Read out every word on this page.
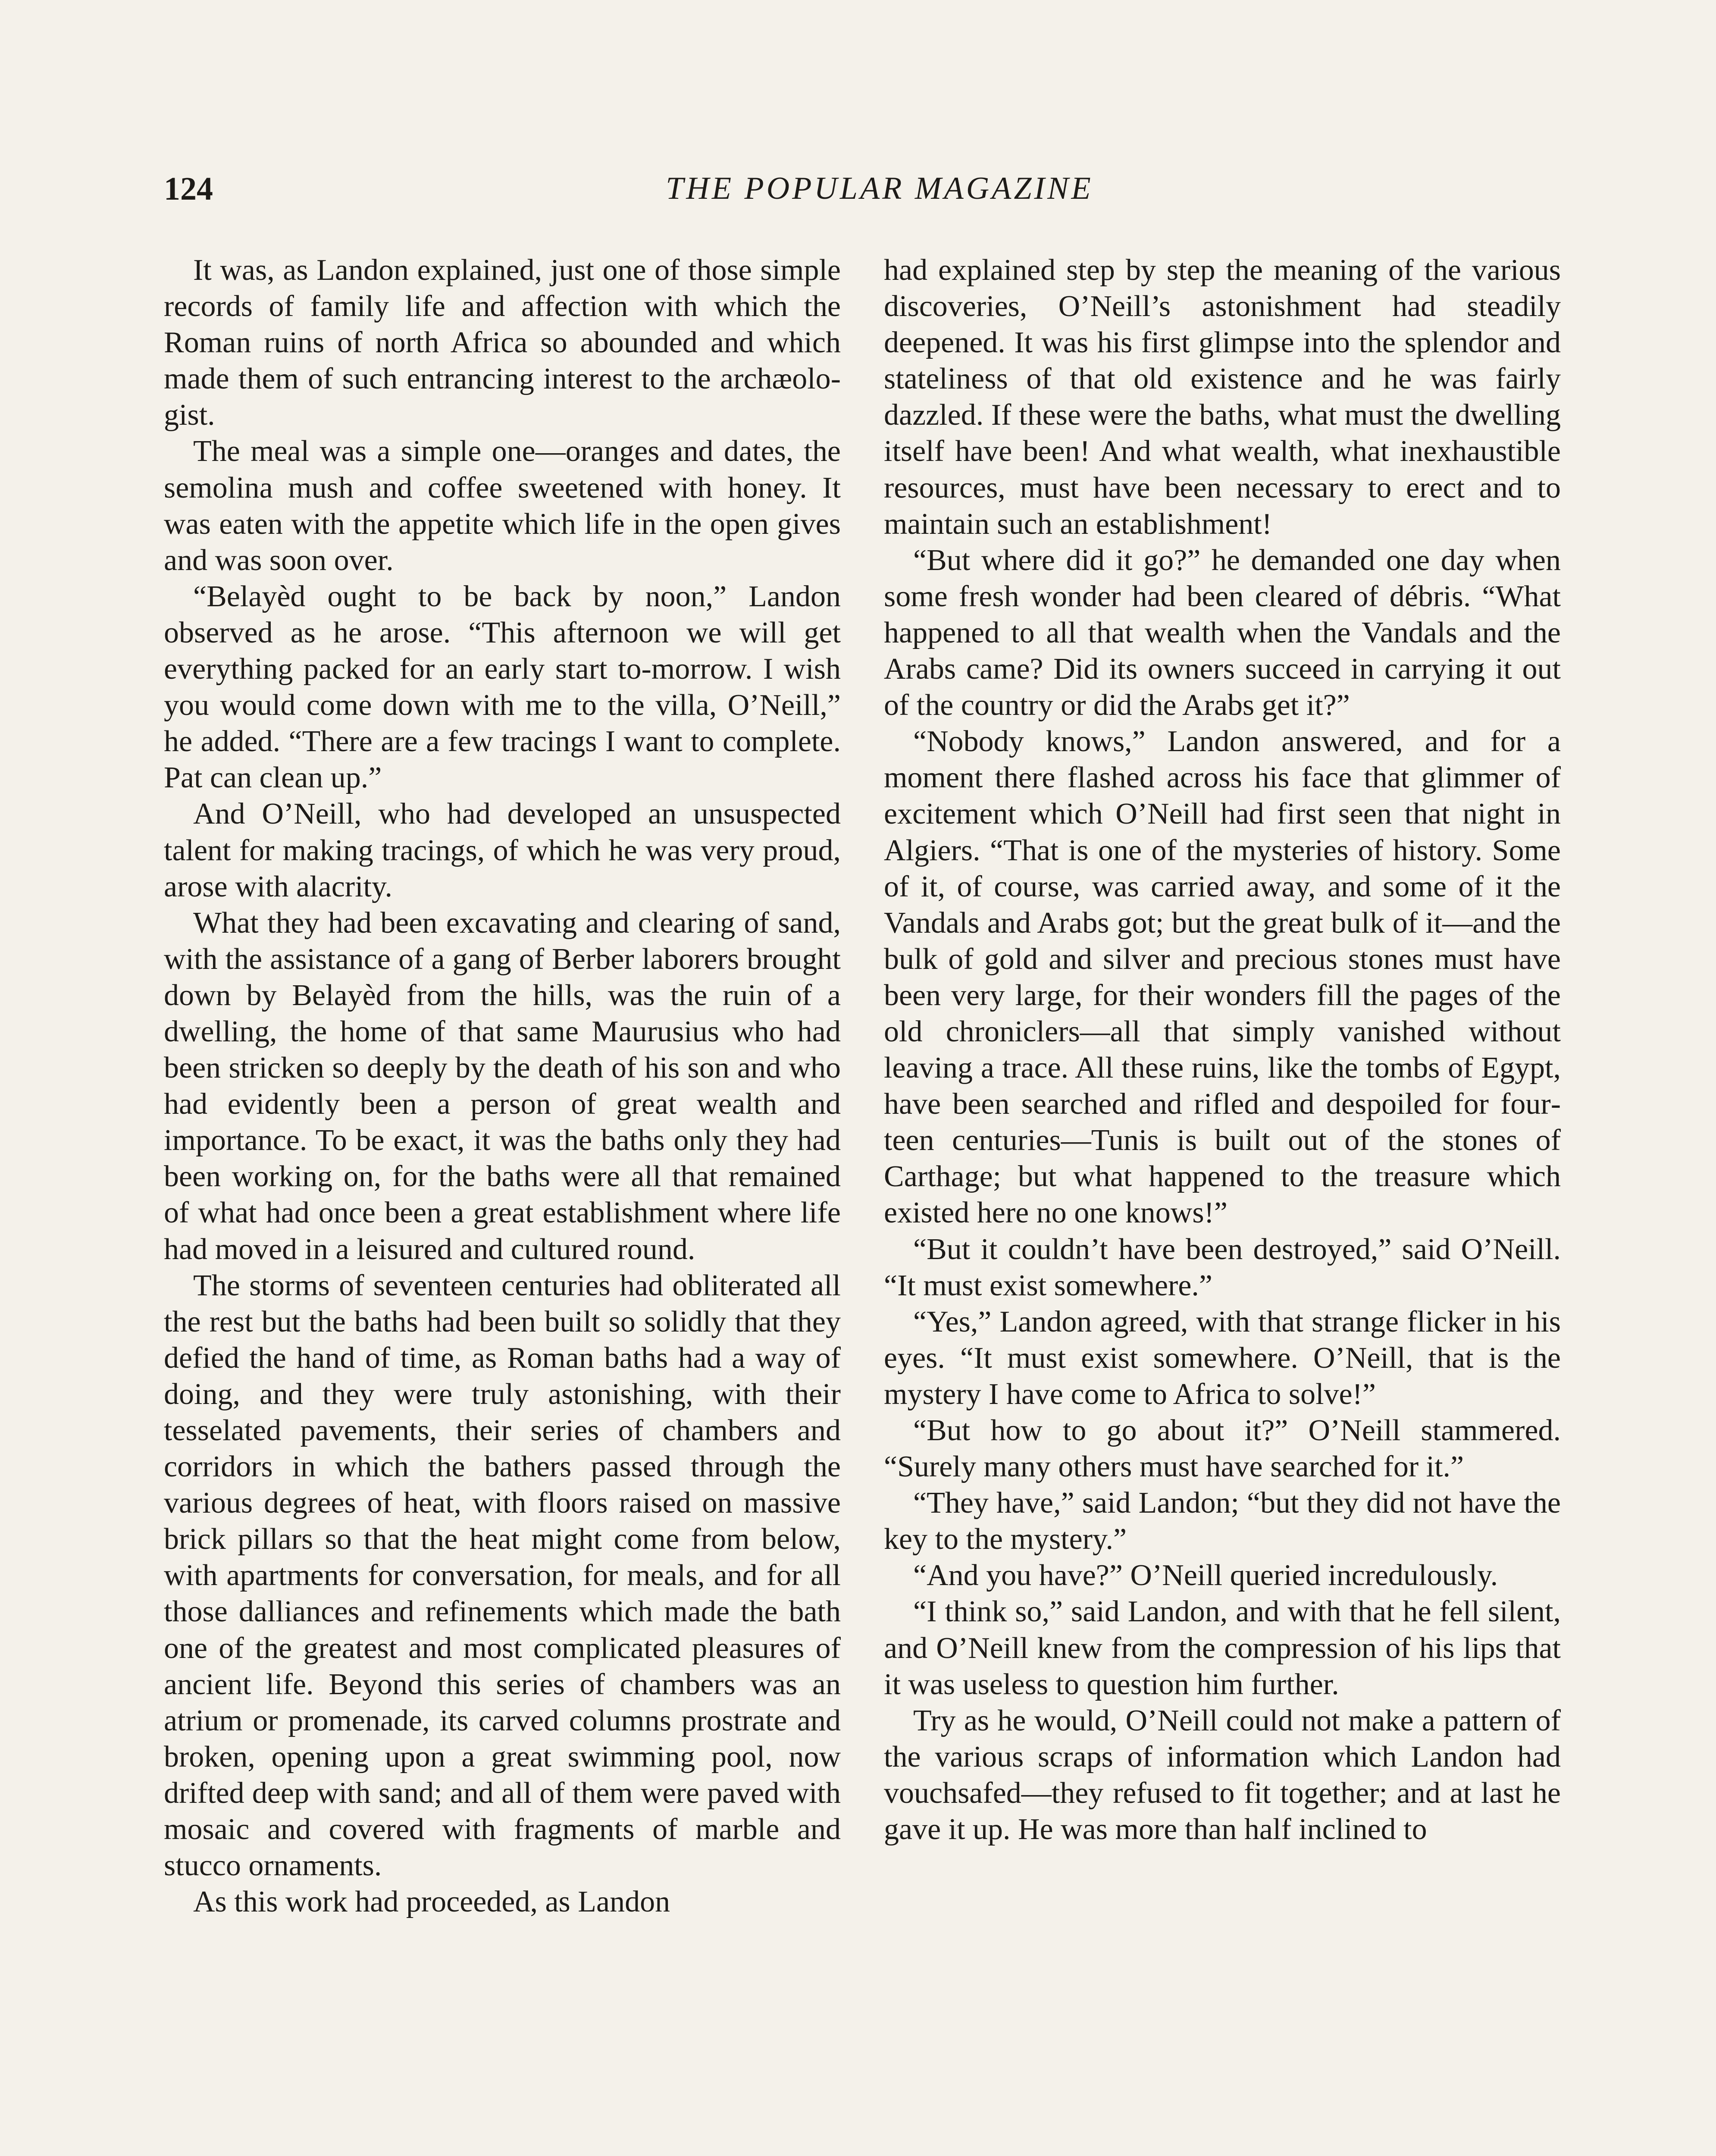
124	THE POPULAR MAGAZINE

It was, as Landon explained, just one of those simple records of family life and affection with which the Roman ruins of north Africa so abounded and which made them of such entrancing interest to the archæologist.

The meal was a simple one—oranges and dates, the semolina mush and coffee sweetened with honey. It was eaten with the appetite which life in the open gives and was soon over.

“Belayèd ought to be back by noon,” Landon observed as he arose. “This afternoon we will get everything packed for an early start to-morrow. I wish you would come down with me to the villa, O’Neill,” he added. “There are a few tracings I want to complete. Pat can clean up.”

And O’Neill, who had developed an unsuspected talent for making tracings, of which he was very proud, arose with alacrity.

What they had been excavating and clearing of sand, with the assistance of a gang of Berber laborers brought down by Belayèd from the hills, was the ruin of a dwelling, the home of that same Maurusius who had been stricken so deeply by the death of his son and who had evidently been a person of great wealth and importance. To be exact, it was the baths only they had been working on, for the baths were all that remained of what had once been a great establishment where life had moved in a leisured and cultured round.

The storms of seventeen centuries had obliterated all the rest but the baths had been built so solidly that they defied the hand of time, as Roman baths had a way of doing, and they were truly astonishing, with their tesselated pavements, their series of chambers and corridors in which the bathers passed through the various degrees of heat, with floors raised on massive brick pillars so that the heat might come from below, with apartments for conversation, for meals, and for all those dalliances and refinements which made the bath one of the greatest and most complicated pleasures of ancient life. Beyond this series of chambers was an atrium or promenade, its carved columns prostrate and broken, opening upon a great swimming pool, now drifted deep with sand; and all of them were paved with mosaic and covered with fragments of marble and stucco ornaments.

As this work had proceeded, as Landon

had explained step by step the meaning of the various discoveries, O’Neill’s astonishment had steadily deepened. It was his first glimpse into the splendor and stateliness of that old existence and he was fairly dazzled. If these were the baths, what must the dwelling itself have been! And what wealth, what inexhaustible resources, must have been necessary to erect and to maintain such an establishment!

“But where did it go?” he demanded one day when some fresh wonder had been cleared of débris. “What happened to all that wealth when the Vandals and the Arabs came? Did its owners succeed in carrying it out of the country or did the Arabs get it?”

“Nobody knows,” Landon answered, and for a moment there flashed across his face that glimmer of excitement which O’Neill had first seen that night in Algiers. “That is one of the mysteries of history. Some of it, of course, was carried away, and some of it the Vandals and Arabs got; but the great bulk of it—and the bulk of gold and silver and precious stones must have been very large, for their wonders fill the pages of the old chroniclers—all that simply vanished without leaving a trace. All these ruins, like the tombs of Egypt, have been searched and rifled and despoiled for fourteen centuries—Tunis is built out of the stones of Carthage; but what happened to the treasure which existed here no one knows!”

“But it couldn’t have been destroyed,” said O’Neill. “It must exist somewhere.”

“Yes,” Landon agreed, with that strange flicker in his eyes. “It must exist somewhere. O’Neill, that is the mystery I have come to Africa to solve!”

“But how to go about it?” O’Neill stammered. “Surely many others must have searched for it.”

“They have,” said Landon; “but they did not have the key to the mystery.”

“And you have?” O’Neill queried incredulously.

“I think so,” said Landon, and with that he fell silent, and O’Neill knew from the compression of his lips that it was useless to question him further.

Try as he would, O’Neill could not make a pattern of the various scraps of information which Landon had vouchsafed—they refused to fit together; and at last he gave it up. He was more than half inclined to
